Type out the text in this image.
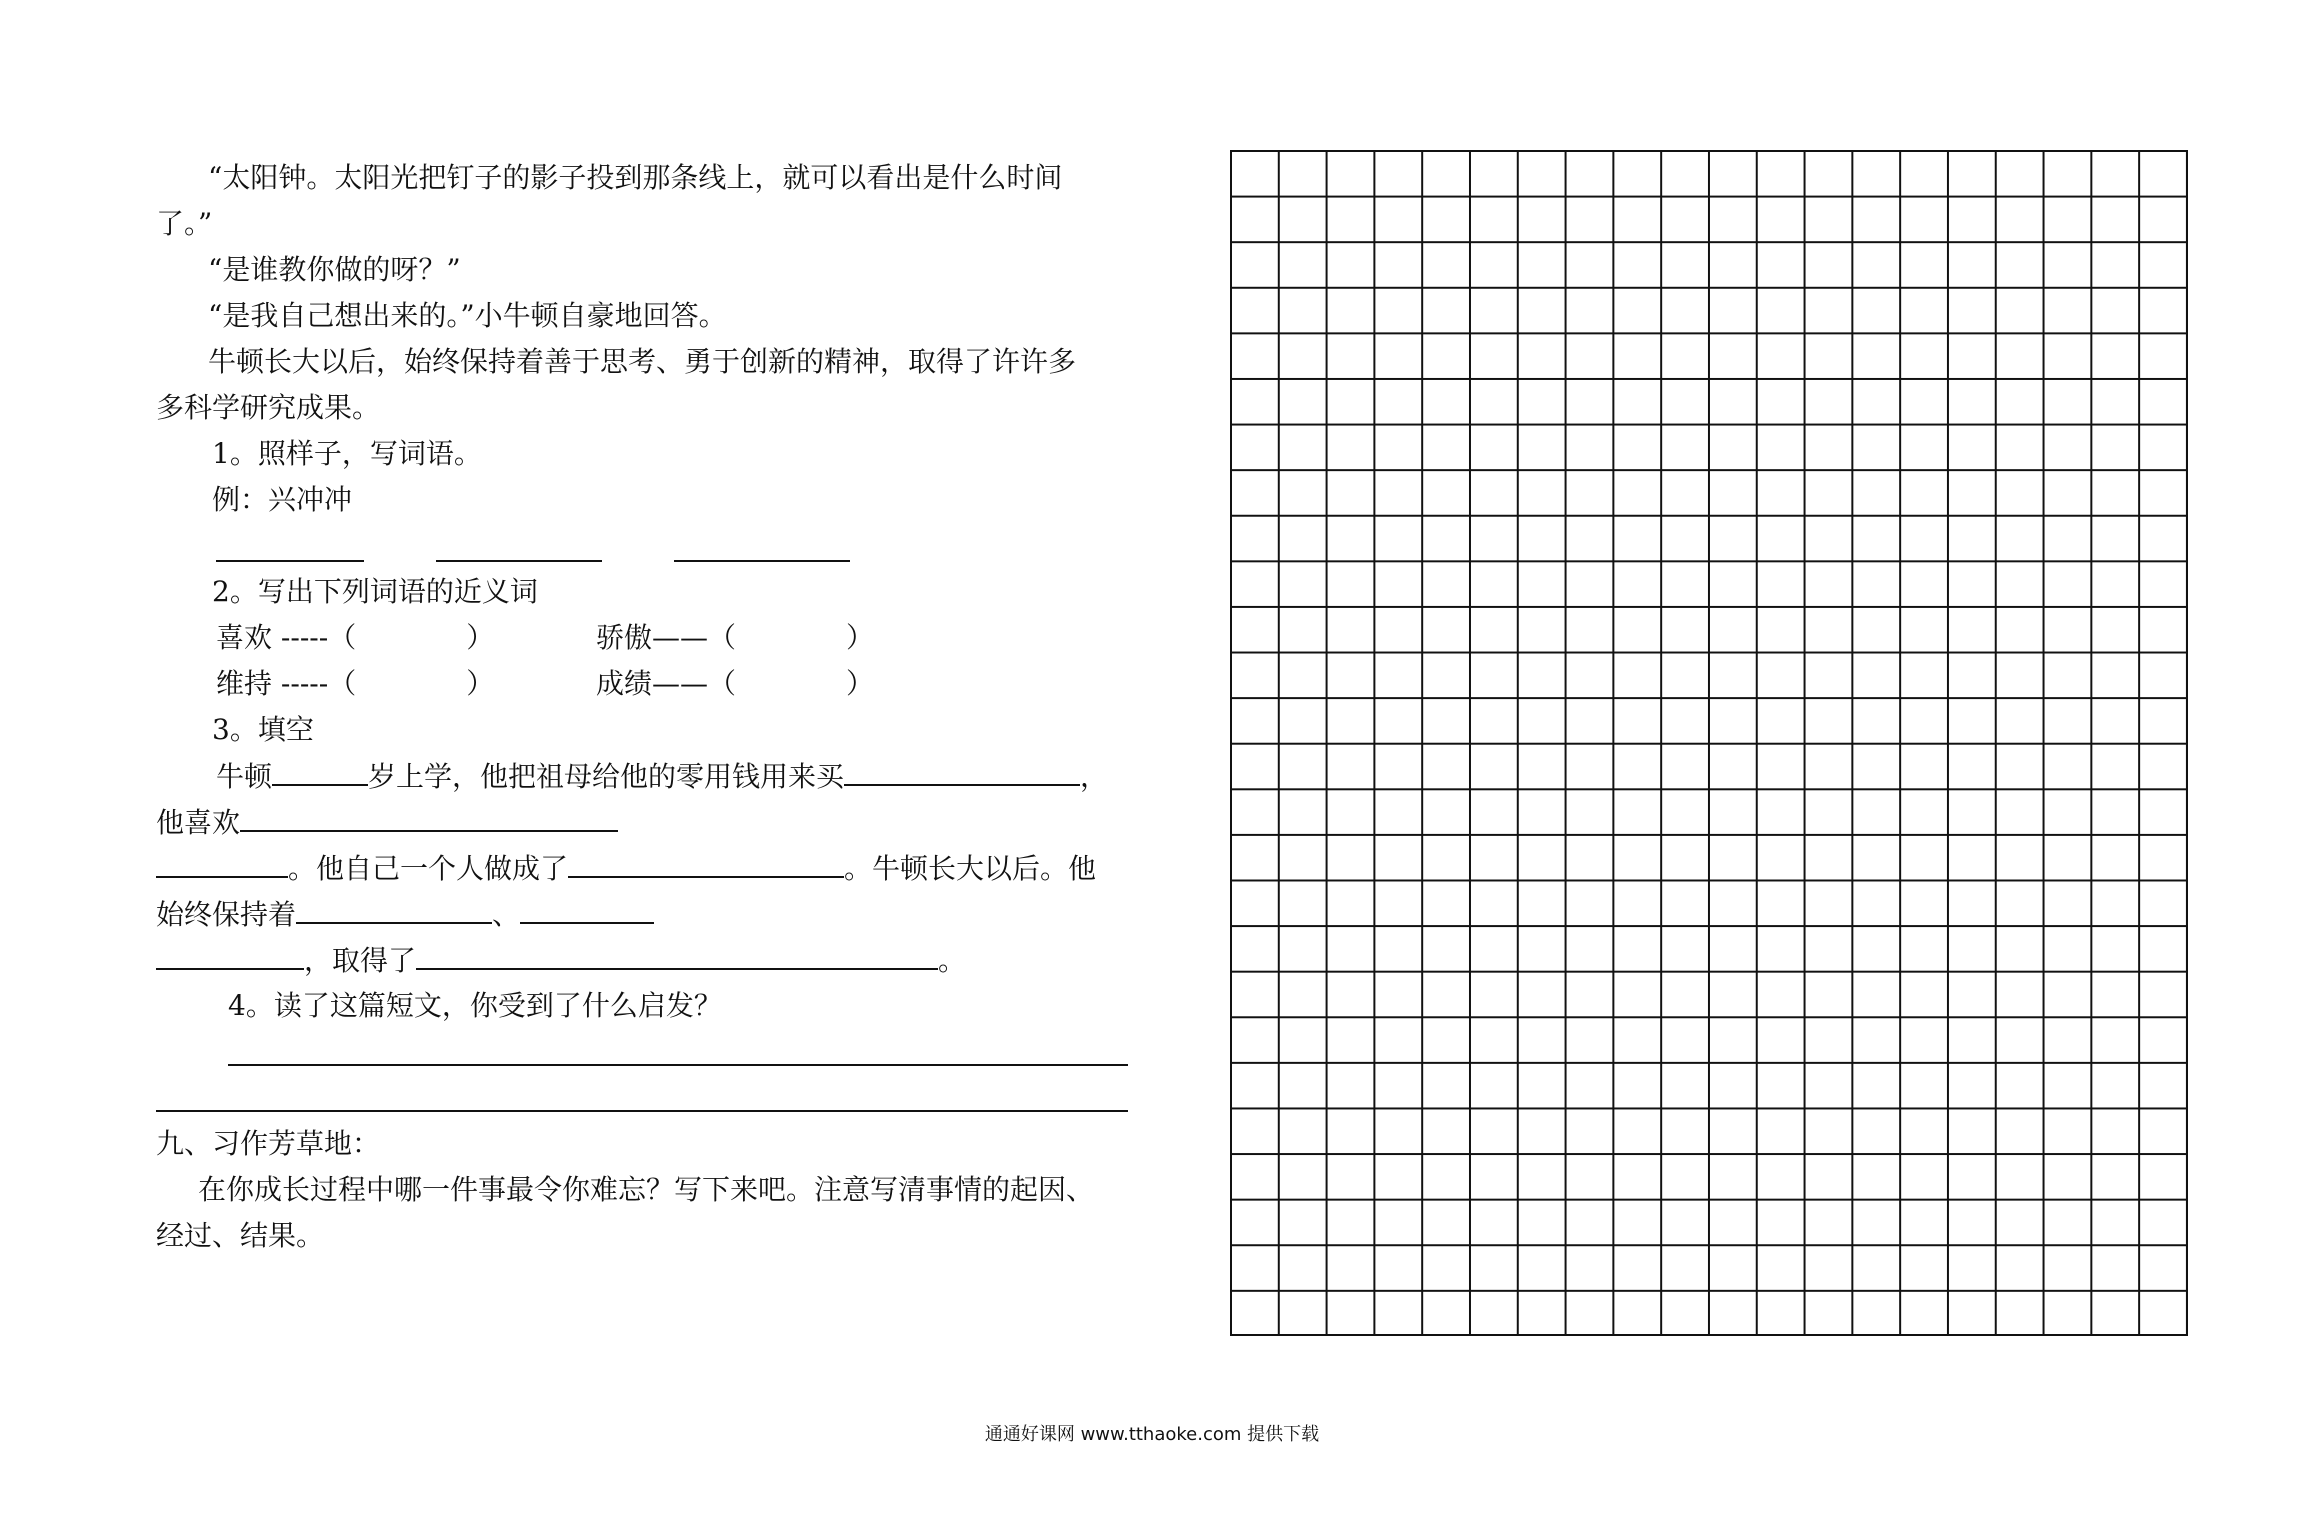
“太阳钟。太阳光把钉子的影子投到那条线上，就可以看出是什么时间
了。”
“是谁教你做的呀？”
“是我自己想出来的。”小牛顿自豪地回答。
牛顿长大以后，始终保持着善于思考、勇于创新的精神，取得了许许多
多科学研究成果。
1。照样子，写词语。
例：兴冲冲
2。写出下列词语的近义词
喜欢 -----（	）	骄傲——（	）
维持 -----（	）	成绩——（	）
3。填空
牛顿	岁上学，他把祖母给他的零用钱用来买	，
他喜欢
。他自己一个人做成了	。牛顿长大以后。他
始终保持着	、
，取得了	。
4。读了这篇短文，你受到了什么启发？
九、习作芳草地：
在你成长过程中哪一件事最令你难忘？写下来吧。注意写清事情的起因、
经过、结果。
通通好课网 www.tthaoke.com 提供下载
